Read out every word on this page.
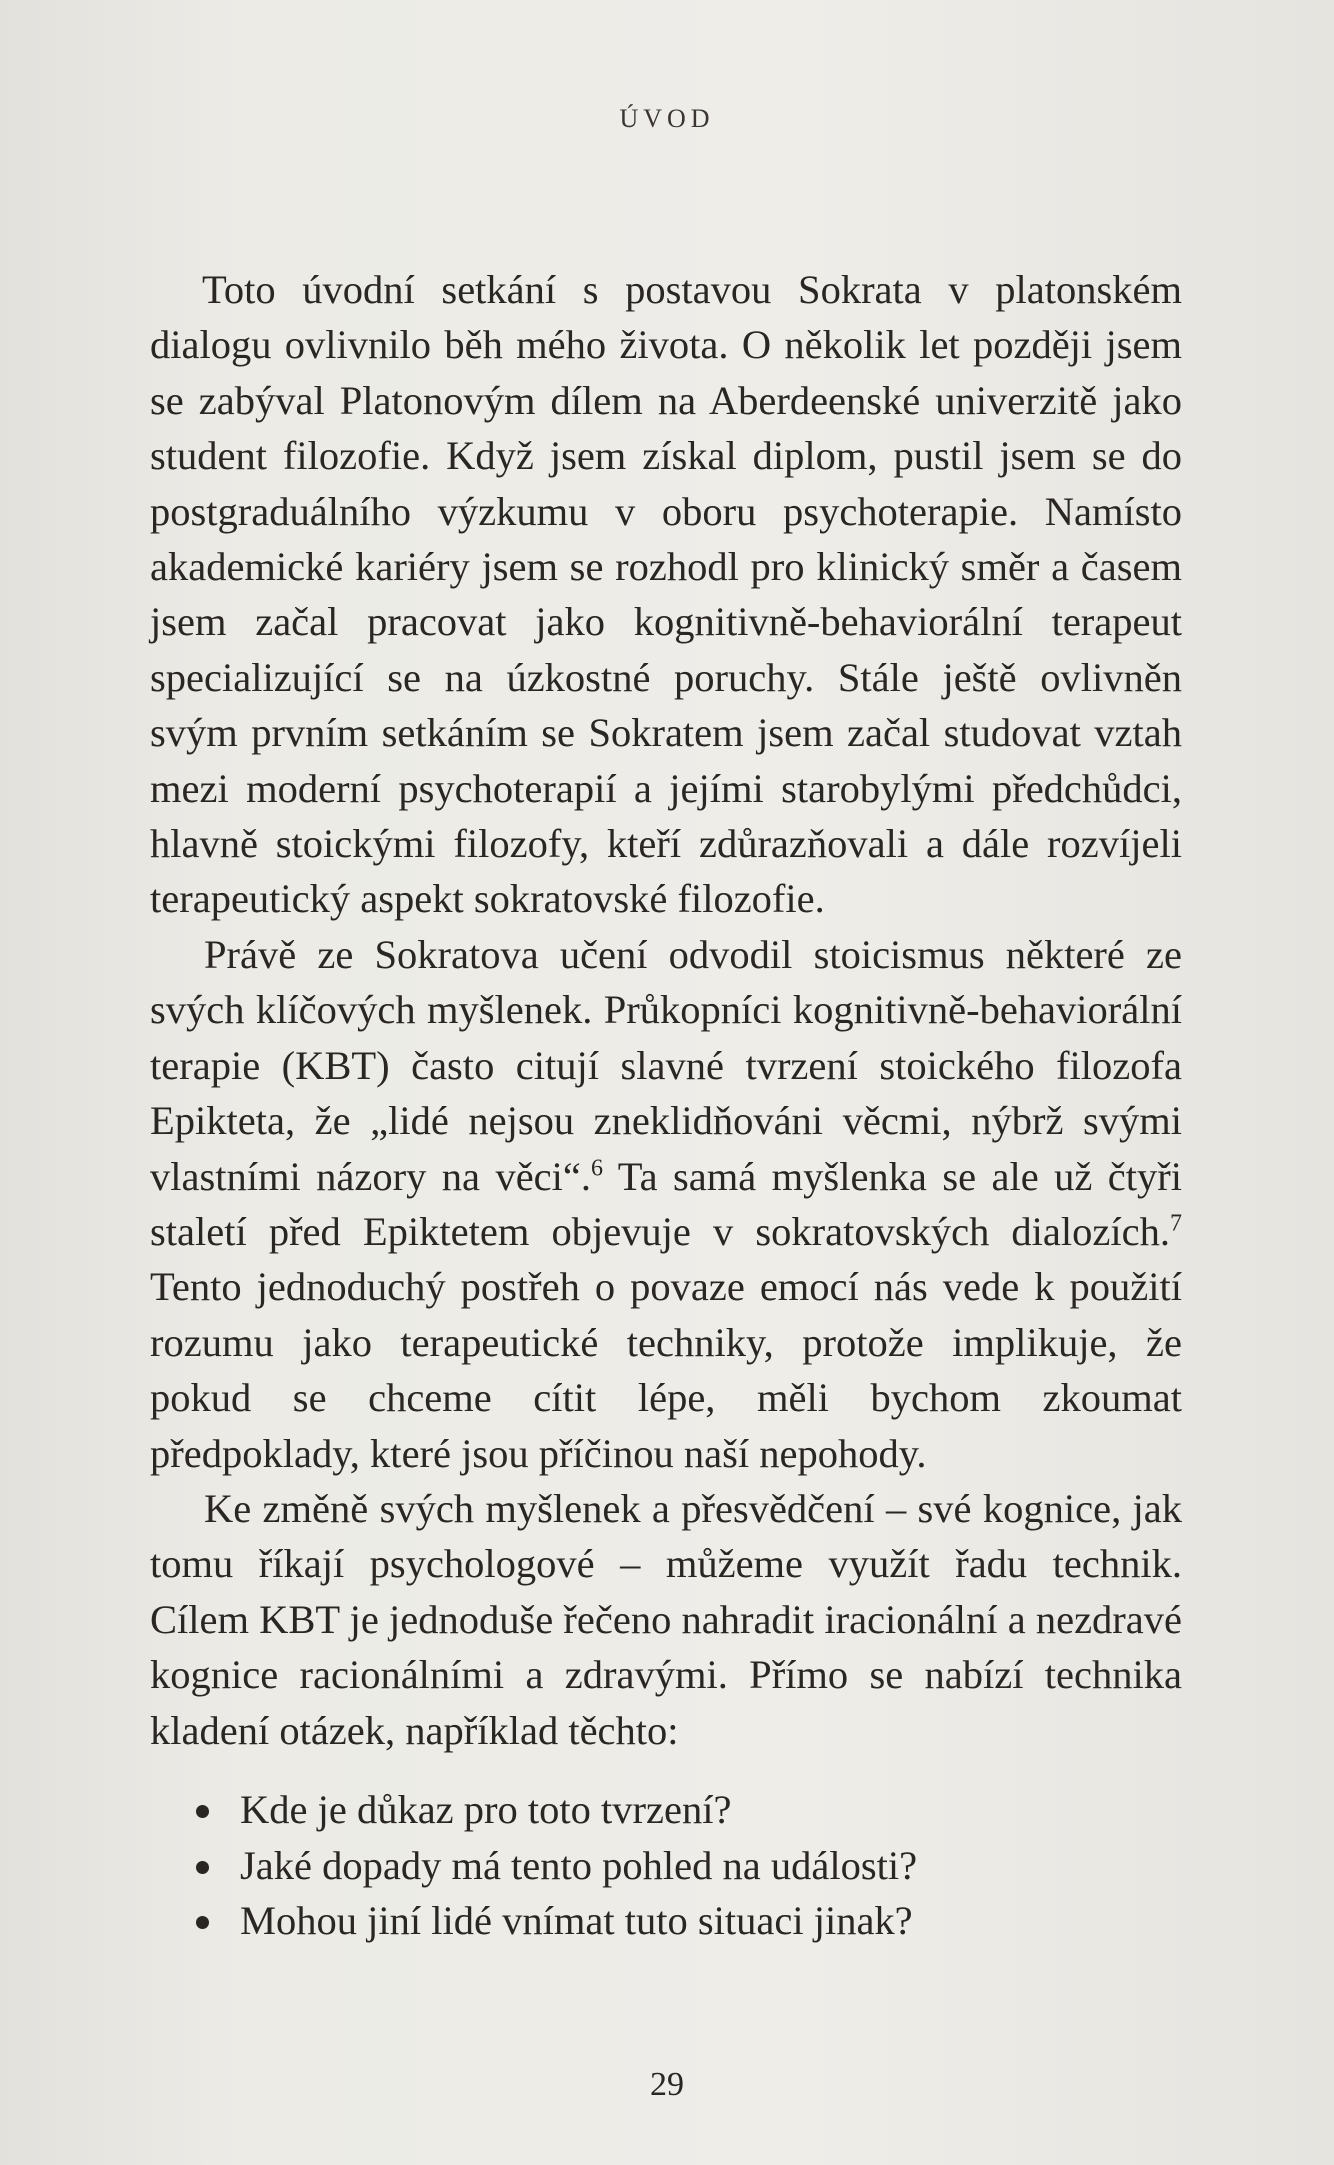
ÚVOD

Toto úvodní setkání s postavou Sokrata v platonském dialogu ovlivnilo běh mého života. O několik let později jsem se zabýval Platonovým dílem na Aberdeenské univerzitě jako student filozofie. Když jsem získal diplom, pustil jsem se do postgraduálního výzkumu v oboru psychoterapie. Namísto akademické kariéry jsem se rozhodl pro klinický směr a časem jsem začal pracovat jako kognitivně-behaviorální terapeut specializující se na úzkostné poruchy. Stále ještě ovlivněn svým prvním setkáním se Sokratem jsem začal studovat vztah mezi moderní psychoterapií a jejími starobylými předchůdci, hlavně stoickými filozofy, kteří zdůrazňovali a dále rozvíjeli terapeutický aspekt sokratovské filozofie.

Právě ze Sokratova učení odvodil stoicismus některé ze svých klíčových myšlenek. Průkopníci kognitivně-behaviorální terapie (KBT) často citují slavné tvrzení stoického filozofa Epikteta, že „lidé nejsou zneklidňováni věcmi, nýbrž svými vlastními názory na věci“.$^6$ Ta samá myšlenka se ale už čtyři staletí před Epiktetem objevuje v sokratovských dialozích.$^7$ Tento jednoduchý postřeh o povaze emocí nás vede k použití rozumu jako terapeutické techniky, protože implikuje, že pokud se chceme cítit lépe, měli bychom zkoumat předpoklady, které jsou příčinou naší nepohody.

Ke změně svých myšlenek a přesvědčení – své kognice, jak tomu říkají psychologové – můžeme využít řadu technik. Cílem KBT je jednoduše řečeno nahradit iracionální a nezdravé kognice racionálními a zdravými. Přímo se nabízí technika kladení otázek, například těchto:

Kde je důkaz pro toto tvrzení?
Jaké dopady má tento pohled na události?
Mohou jiní lidé vnímat tuto situaci jinak?
29
